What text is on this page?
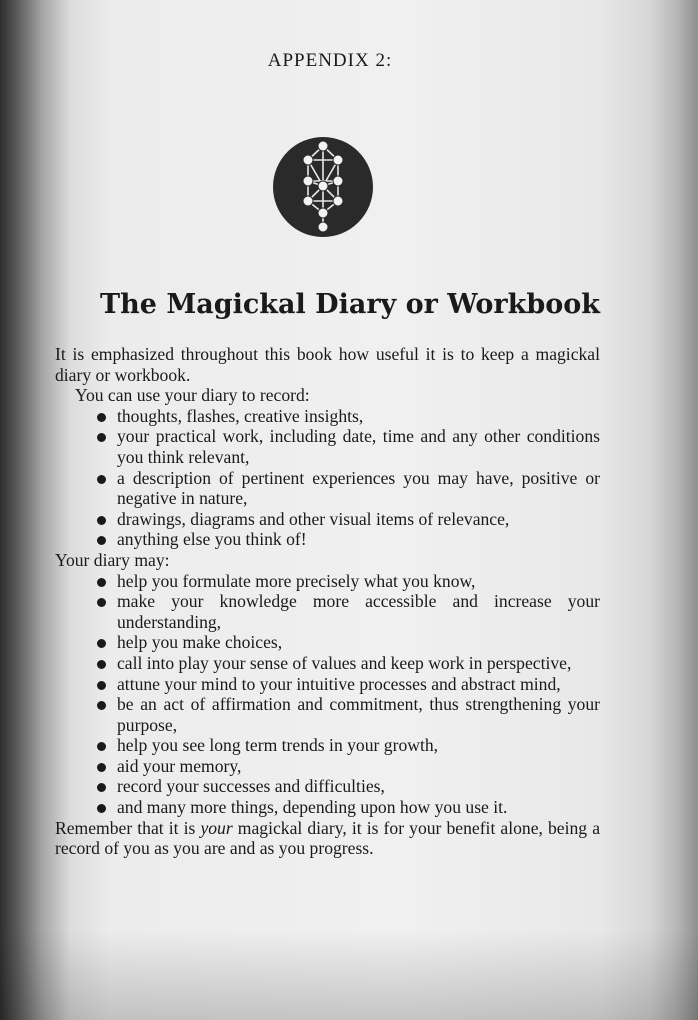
APPENDIX 2:
The Magickal Diary or Workbook

It is emphasized throughout this book how useful it is to keep a magickal diary or workbook.

You can use your diary to record:

thoughts, flashes, creative insights,
your practical work, including date, time and any other conditions you think relevant,
a description of pertinent experiences you may have, positive or negative in nature,
drawings, diagrams and other visual items of relevance,
anything else you think of!

Your diary may:

help you formulate more precisely what you know,
make your knowledge more accessible and increase your understanding,
help you make choices,
call into play your sense of values and keep work in perspective,
attune your mind to your intuitive processes and abstract mind,
be an act of affirmation and commitment, thus strengthening your purpose,
help you see long term trends in your growth,
aid your memory,
record your successes and difficulties,
and many more things, depending upon how you use it.

Remember that it is your magickal diary, it is for your benefit alone, being a record of you as you are and as you progress.
